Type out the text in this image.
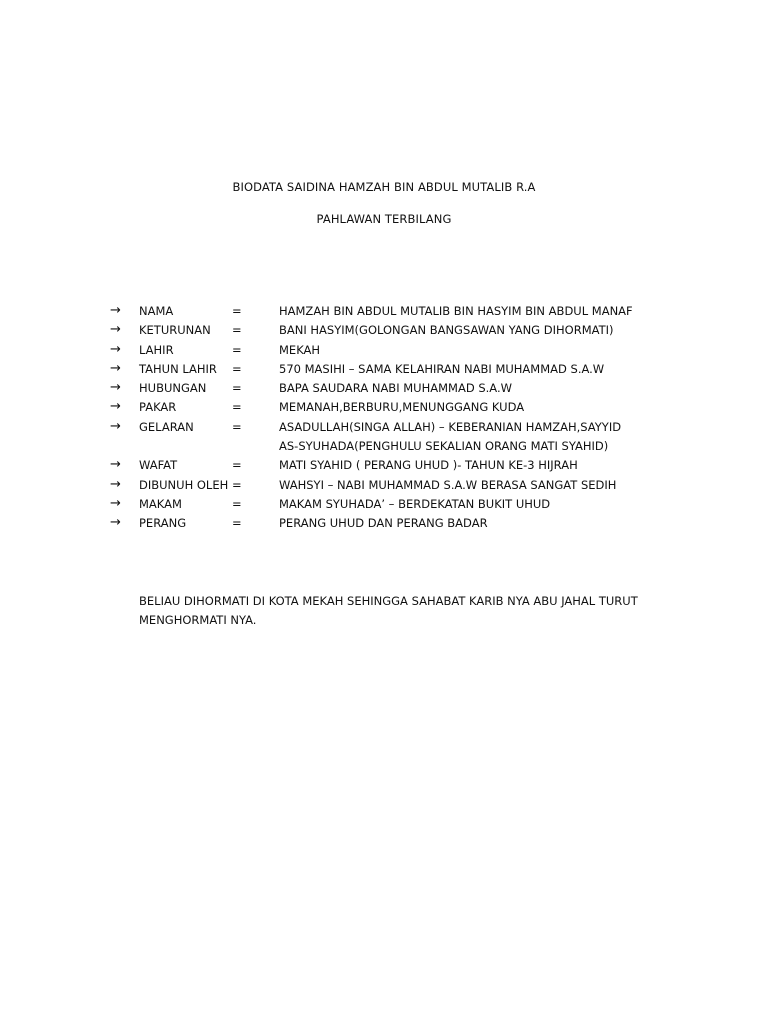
BIODATA SAIDINA HAMZAH BIN ABDUL MUTALIB R.A
PAHLAWAN TERBILANG
→ NAMA	=	HAMZAH BIN ABDUL MUTALIB BIN HASYIM BIN ABDUL MANAF
→ KETURUNAN =	BANI HASYIM(GOLONGAN BANGSAWAN YANG DIHORMATI)
→ LAHIR	=	MEKAH
→ TAHUN LAHIR =	570 MASIHI – SAMA KELAHIRAN NABI MUHAMMAD S.A.W
→ HUBUNGAN =	BAPA SAUDARA NABI MUHAMMAD S.A.W
→ PAKAR	=	MEMANAH,BERBURU,MENUNGGANG KUDA
→ GELARAN	=	ASADULLAH(SINGA ALLAH) – KEBERANIAN HAMZAH,SAYYID
AS-SYUHADA(PENGHULU SEKALIAN ORANG MATI SYAHID)
→ WAFAT	=	MATI SYAHID ( PERANG UHUD )- TAHUN KE-3 HIJRAH
→ DIBUNUH OLEH =	WAHSYI – NABI MUHAMMAD S.A.W BERASA SANGAT SEDIH
→ MAKAM	=	MAKAM SYUHADA’ – BERDEKATAN BUKIT UHUD
→ PERANG	=	PERANG UHUD DAN PERANG BADAR
BELIAU DIHORMATI DI KOTA MEKAH SEHINGGA SAHABAT KARIB NYA ABU JAHAL TURUT
MENGHORMATI NYA.
